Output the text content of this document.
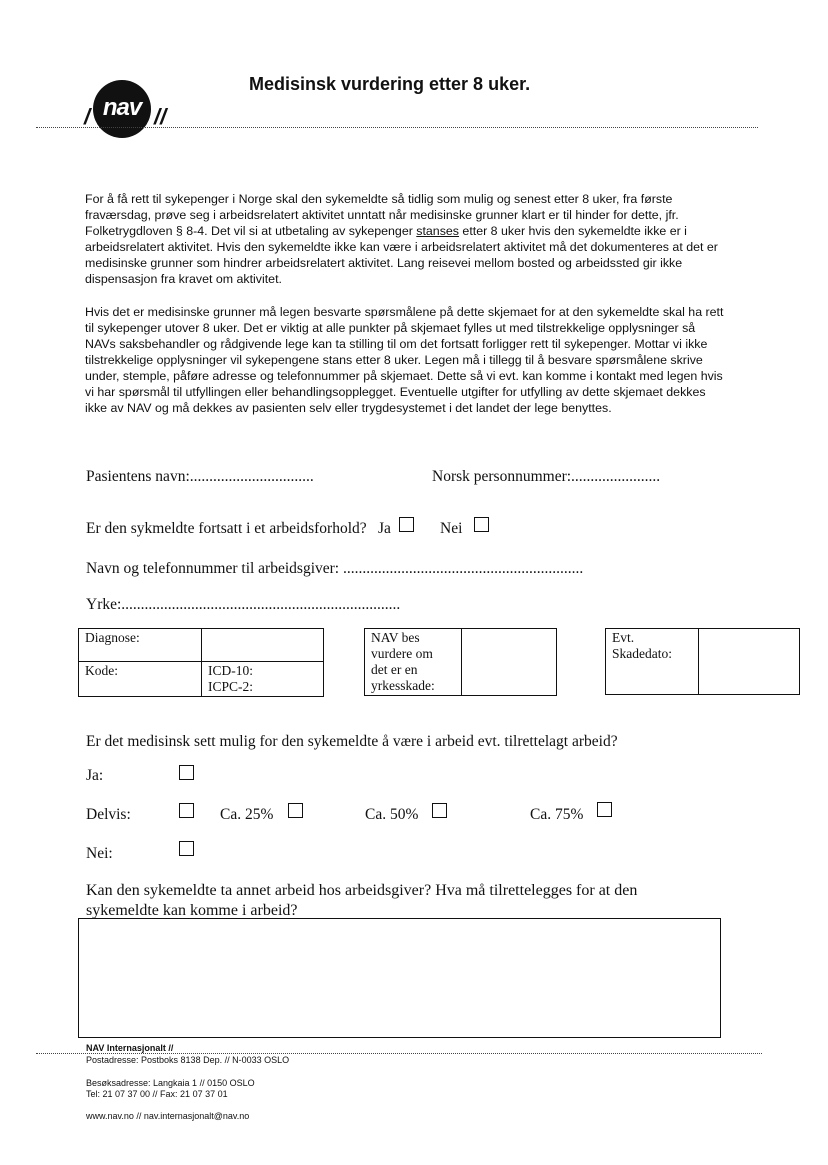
nav
/	//
Medisinsk vurdering etter 8 uker.
For å få rett til sykepenger i Norge skal den sykemeldte så tidlig som mulig og senest etter 8 uker, fra første fraværsdag, prøve seg i arbeidsrelatert aktivitet unntatt når medisinske grunner klart er til hinder for dette, jfr. Folketrygdloven § 8-4. Det vil si at utbetaling av sykepenger stanses etter 8 uker hvis den sykemeldte ikke er i arbeidsrelatert aktivitet. Hvis den sykemeldte ikke kan være i arbeidsrelatert aktivitet må det dokumenteres at det er medisinske grunner som hindrer arbeidsrelatert aktivitet. Lang reisevei mellom bosted og arbeidssted gir ikke dispensasjon fra kravet om aktivitet.
Hvis det er medisinske grunner må legen besvarte spørsmålene på dette skjemaet for at den sykemeldte skal ha rett til sykepenger utover 8 uker. Det er viktig at alle punkter på skjemaet fylles ut med tilstrekkelige opplysninger så NAVs saksbehandler og rådgivende lege kan ta stilling til om det fortsatt forligger rett til sykepenger. Mottar vi ikke tilstrekkelige opplysninger vil sykepengene stans etter 8 uker. Legen må i tillegg til å besvare spørsmålene skrive under, stemple, påføre adresse og telefonnummer på skjemaet. Dette så vi evt. kan komme i kontakt med legen hvis vi har spørsmål til utfyllingen eller behandlingsopplegget. Eventuelle utgifter for utfylling av dette skjemaet dekkes ikke av NAV og må dekkes av pasienten selv eller trygdesystemet i det landet der lege benyttes.
Pasientens navn:................................	Norsk personnummer:.......................
Er den sykmeldte fortsatt i et arbeidsforhold? Ja	Nei
Navn og telefonnummer til arbeidsgiver: ..............................................................
Yrke:........................................................................
Diagnose:	
Kode:	ICD-10:
ICPC-2:
NAV bes
vurdere om
det er en
yrkesskade:

Evt.
Skadedato:

Er det medisinsk sett mulig for den sykemeldte å være i arbeid evt. tilrettelagt arbeid?
Ja:
Delvis:	Ca. 25%	Ca. 50%	Ca. 75%
Nei:
Kan den sykemeldte ta annet arbeid hos arbeidsgiver? Hva må tilrettelegges for at den
sykemeldte kan komme i arbeid?
NAV Internasjonalt //
Postadresse: Postboks 8138 Dep. // N-0033 OSLO
Besøksadresse: Langkaia 1 // 0150 OSLO
Tel: 21 07 37 00 // Fax: 21 07 37 01
www.nav.no // nav.internasjonalt@nav.no
